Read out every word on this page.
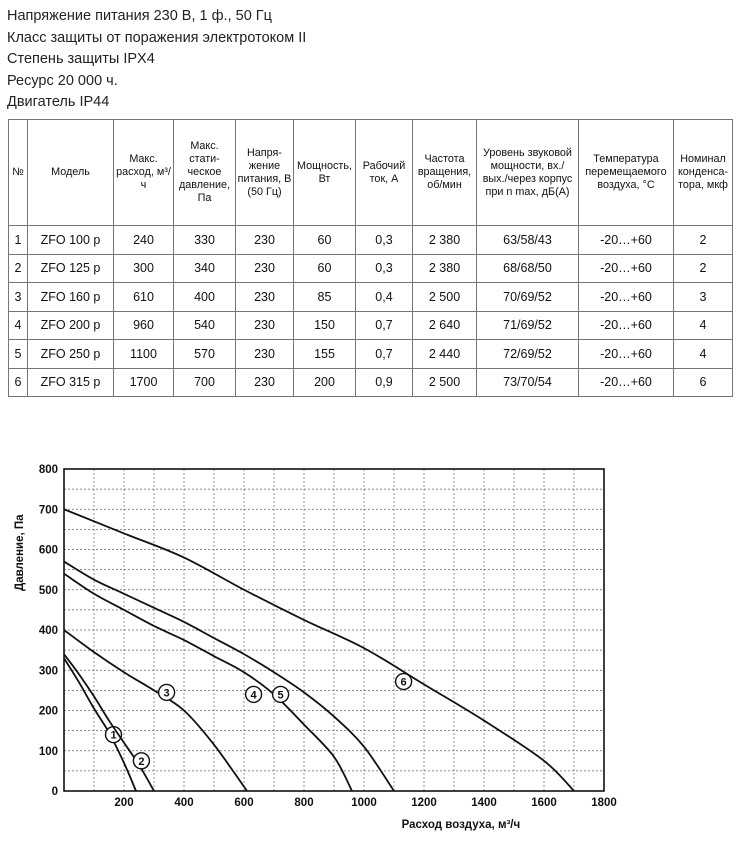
Напряжение питания 230 В, 1 ф., 50 Гц
Класс защиты от поражения электротоком II
Степень защиты IPX4
Ресурс 20 000 ч.
Двигатель IP44
№	Модель	Макс. расход, м³/ч	Макс. стати-ческое давление, Па	Напря-жение питания, В (50 Гц)	Мощность, Вт	Рабочий ток, А	Частота вращения, об/мин	Уровень звуковой мощности, вх./ вых./через корпус при n max, дБ(А)	Температура перемещаемого воздуха, °С	Номинал конденса-тора, мкф
1	ZFO 100 p	240	330	230	60	0,3	2 380	63/58/43	-20…+60	2
2	ZFO 125 p	300	340	230	60	0,3	2 380	68/68/50	-20…+60	2
3	ZFO 160 p	610	400	230	85	0,4	2 500	70/69/52	-20…+60	3
4	ZFO 200 p	960	540	230	150	0,7	2 640	71/69/52	-20…+60	4
5	ZFO 250 p	1100	570	230	155	0,7	2 440	72/69/52	-20…+60	4
6	ZFO 315 p	1700	700	230	200	0,9	2 500	73/70/54	-20…+60	6
0
100
200
300
400
500
600
700
800
200	400	600	800	1000	1200	1400	1600	1800
1
2
3	4 5
6
Давление, Па
Расход воздуха, м³/ч
